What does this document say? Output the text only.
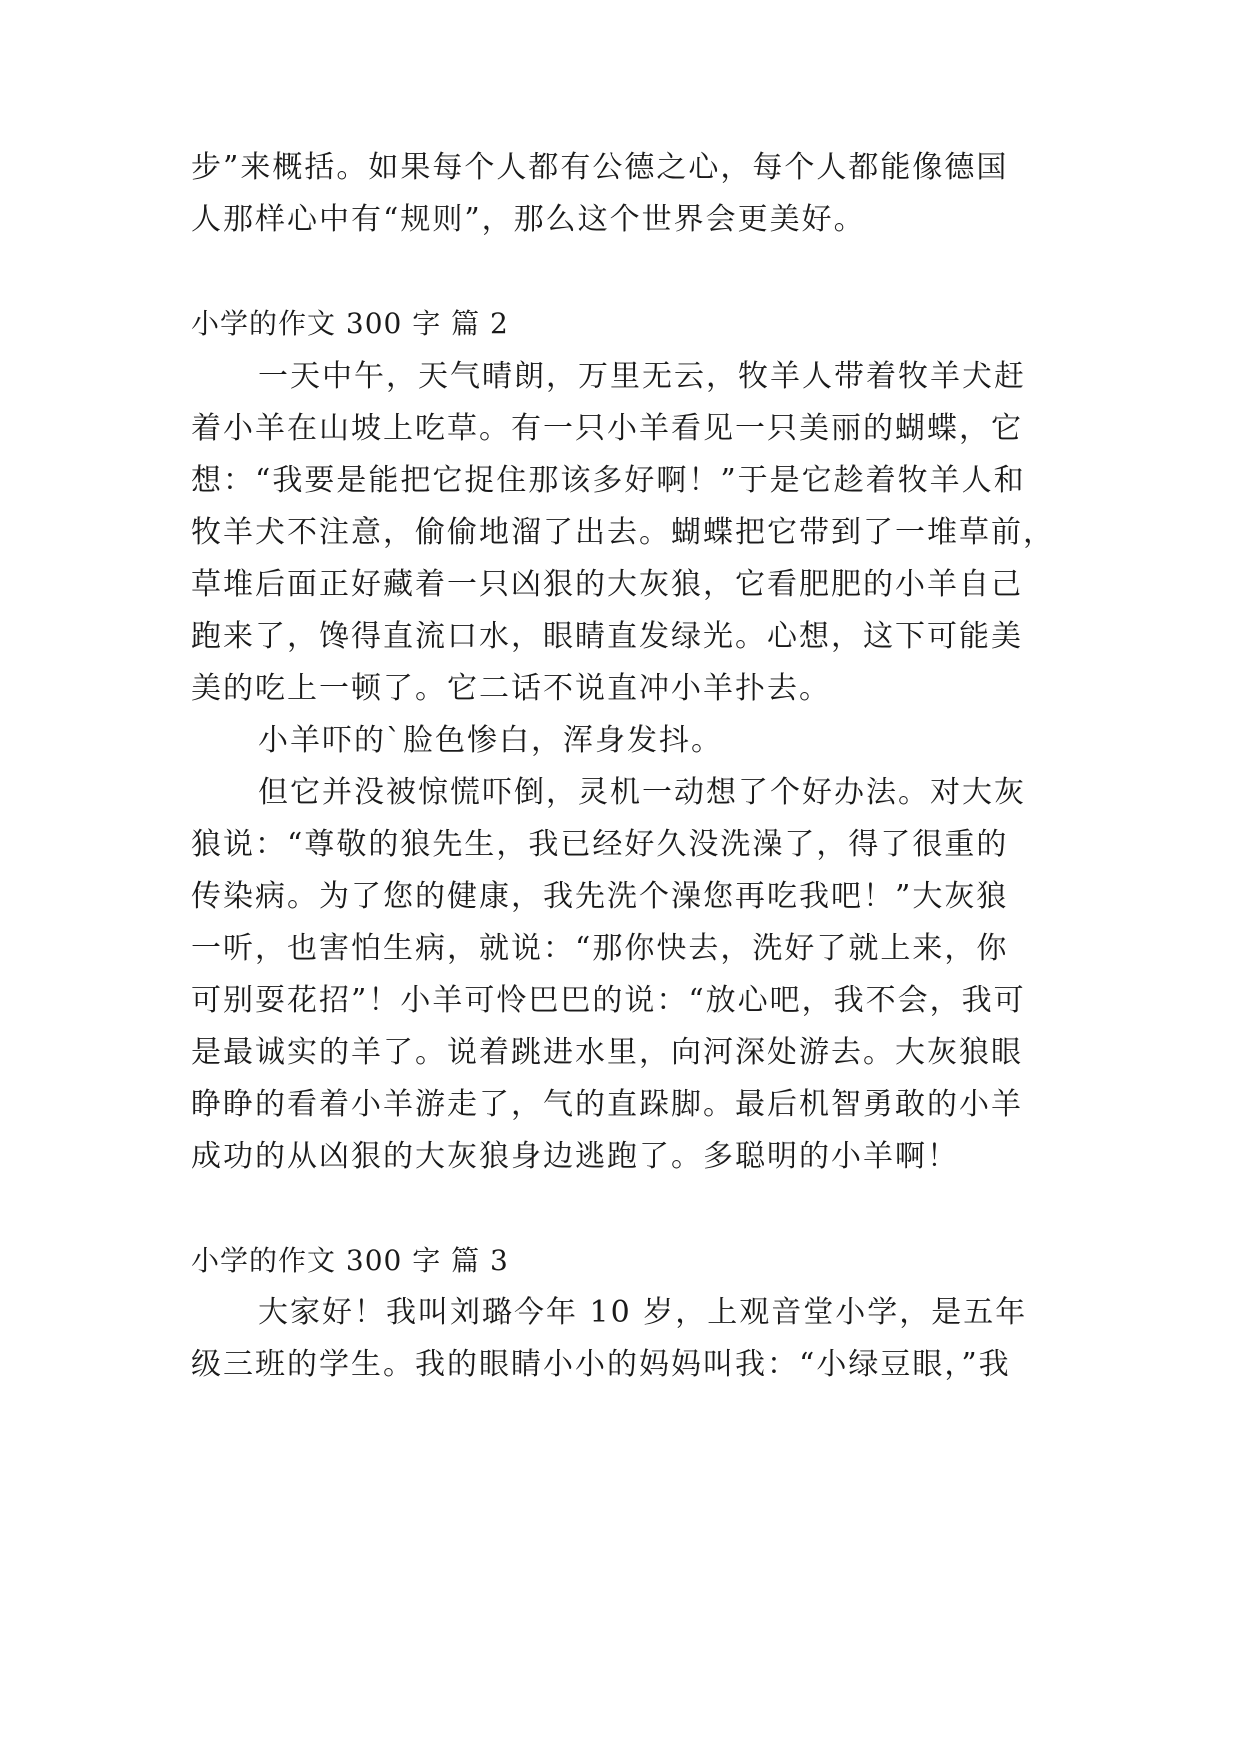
步”来概括。如果每个人都有公德之心，每个人都能像德国
人那样心中有“规则”，那么这个世界会更美好。
小学的作文 300 字 篇 2
一天中午，天气晴朗，万里无云，牧羊人带着牧羊犬赶
着小羊在山坡上吃草。有一只小羊看见一只美丽的蝴蝶，它
想：“我要是能把它捉住那该多好啊！”于是它趁着牧羊人和
牧羊犬不注意，偷偷地溜了出去。蝴蝶把它带到了一堆草前，
草堆后面正好藏着一只凶狠的大灰狼，它看肥肥的小羊自己
跑来了，馋得直流口水，眼睛直发绿光。心想，这下可能美
美的吃上一顿了。它二话不说直冲小羊扑去。
小羊吓的`脸色惨白，浑身发抖。
但它并没被惊慌吓倒，灵机一动想了个好办法。对大灰
狼说：“尊敬的狼先生，我已经好久没洗澡了，得了很重的
传染病。为了您的健康，我先洗个澡您再吃我吧！”大灰狼
一听，也害怕生病，就说：“那你快去，洗好了就上来，你
可别耍花招”！小羊可怜巴巴的说：“放心吧，我不会，我可
是最诚实的羊了。说着跳进水里，向河深处游去。大灰狼眼
睁睁的看着小羊游走了，气的直跺脚。最后机智勇敢的小羊
成功的从凶狠的大灰狼身边逃跑了。多聪明的小羊啊！
小学的作文 300 字 篇 3
大家好！我叫刘璐今年 10 岁，上观音堂小学，是五年
级三班的学生。我的眼睛小小的妈妈叫我：“小绿豆眼，”我
